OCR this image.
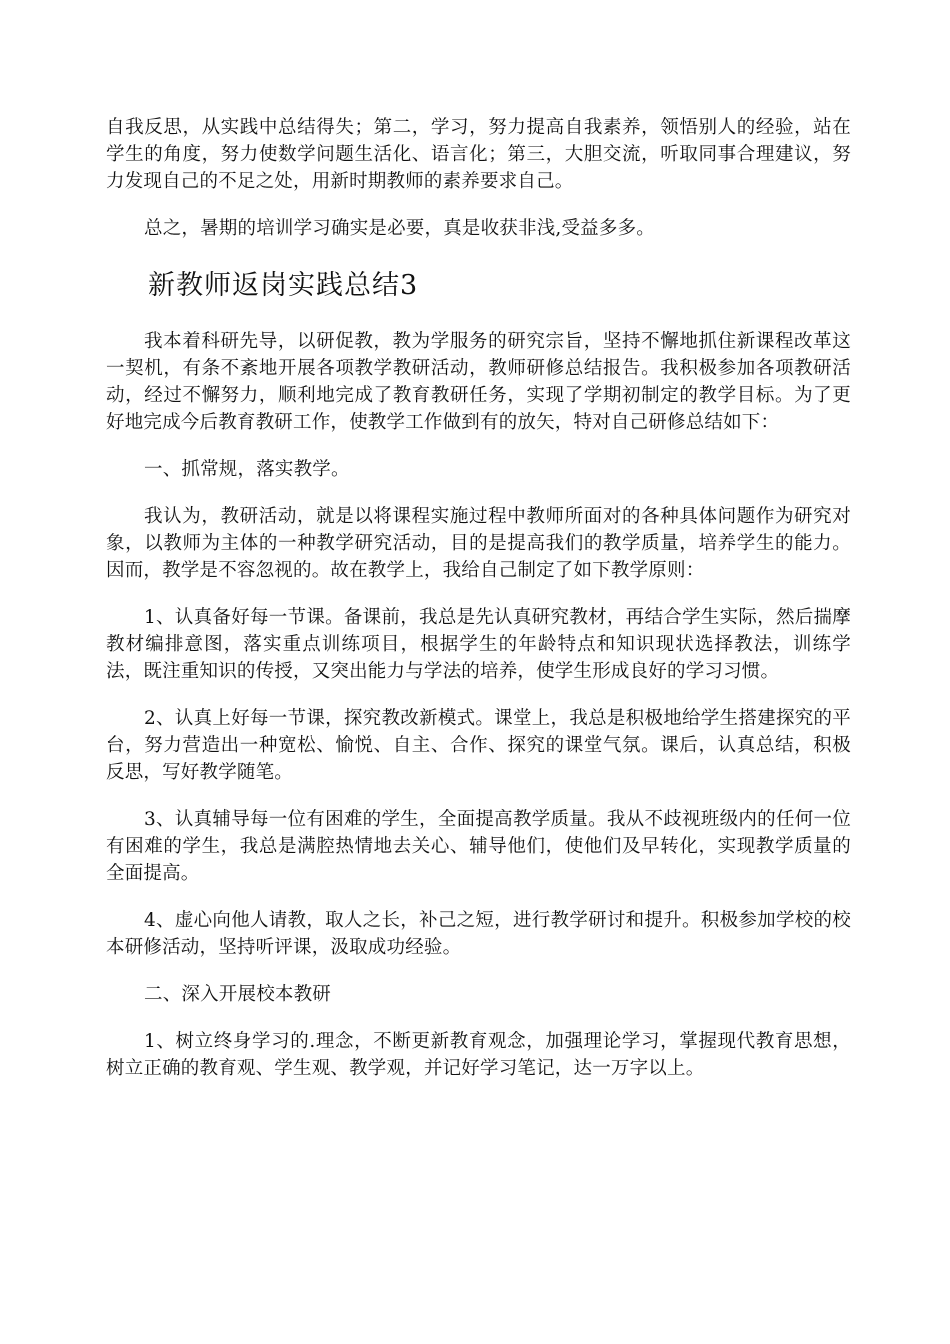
自我反思，从实践中总结得失；第二，学习，努力提高自我素养，领悟别人的经验，站在学生的角度，努力使数学问题生活化、语言化；第三，大胆交流，听取同事合理建议，努力发现自己的不足之处，用新时期教师的素养要求自己。

总之，暑期的培训学习确实是必要，真是收获非浅,受益多多。

新教师返岗实践总结3

我本着科研先导，以研促教，教为学服务的研究宗旨，坚持不懈地抓住新课程改革这一契机，有条不紊地开展各项教学教研活动，教师研修总结报告。我积极参加各项教研活动，经过不懈努力，顺利地完成了教育教研任务，实现了学期初制定的教学目标。为了更好地完成今后教育教研工作，使教学工作做到有的放矢，特对自己研修总结如下：

一、抓常规，落实教学。

我认为，教研活动，就是以将课程实施过程中教师所面对的各种具体问题作为研究对象，以教师为主体的一种教学研究活动，目的是提高我们的教学质量，培养学生的能力。因而，教学是不容忽视的。故在教学上，我给自己制定了如下教学原则：

1、认真备好每一节课。备课前，我总是先认真研究教材，再结合学生实际，然后揣摩教材编排意图，落实重点训练项目，根据学生的年龄特点和知识现状选择教法，训练学法，既注重知识的传授，又突出能力与学法的培养，使学生形成良好的学习习惯。

2、认真上好每一节课，探究教改新模式。课堂上，我总是积极地给学生搭建探究的平台，努力营造出一种宽松、愉悦、自主、合作、探究的课堂气氛。课后，认真总结，积极反思，写好教学随笔。

3、认真辅导每一位有困难的学生，全面提高教学质量。我从不歧视班级内的任何一位有困难的学生，我总是满腔热情地去关心、辅导他们，使他们及早转化，实现教学质量的全面提高。

4、虚心向他人请教，取人之长，补己之短，进行教学研讨和提升。积极参加学校的校本研修活动，坚持听评课，汲取成功经验。

二、深入开展校本教研

1、树立终身学习的.理念，不断更新教育观念，加强理论学习，掌握现代教育思想，树立正确的教育观、学生观、教学观，并记好学习笔记，达一万字以上。
